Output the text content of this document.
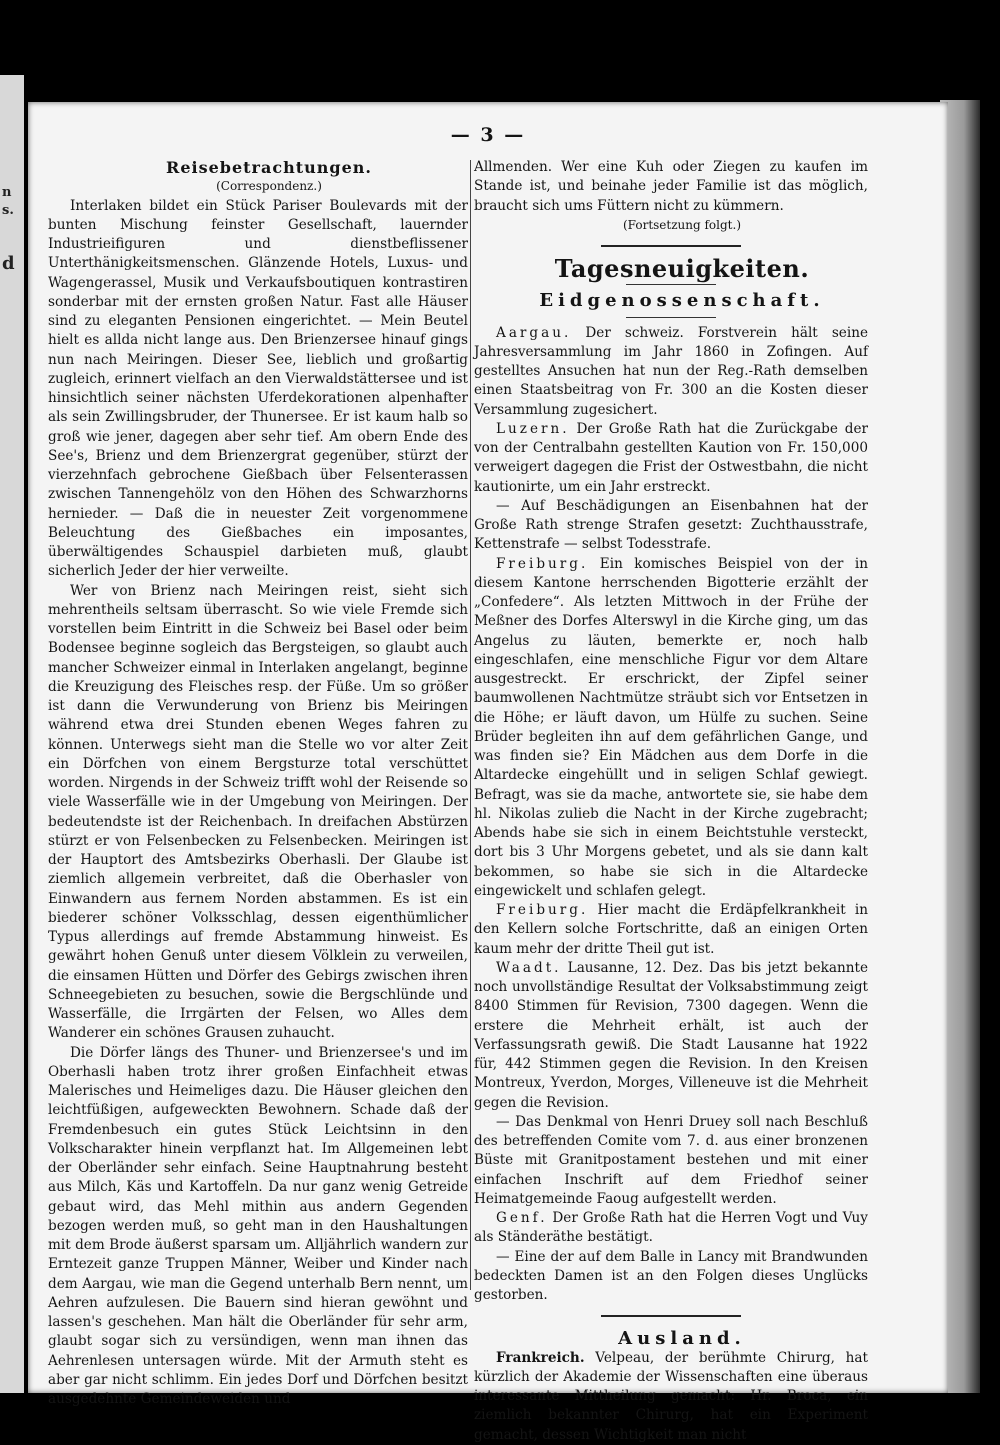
n
s.
d
— 3 —

Reisebetrachtungen.

(Correspondenz.)

Interlaken bildet ein Stück Pariser Boulevards mit der bunten Mischung feinster Gesellschaft, lauernder Industrieifiguren und dienstbeflissener Unterthänigkeitsmenschen. Glänzende Hotels, Luxus- und Wagengerassel, Musik und Verkaufsboutiquen kontrastiren sonderbar mit der ernsten großen Natur. Fast alle Häuser sind zu eleganten Pensionen eingerichtet. — Mein Beutel hielt es allda nicht lange aus. Den Brienzersee hinauf gings nun nach Meiringen. Dieser See, lieblich und großartig zugleich, erinnert vielfach an den Vierwaldstättersee und ist hinsichtlich seiner nächsten Uferdekorationen alpenhafter als sein Zwillingsbruder, der Thunersee. Er ist kaum halb so groß wie jener, dagegen aber sehr tief. Am obern Ende des See's, Brienz und dem Brienzergrat gegenüber, stürzt der vierzehnfach gebrochene Gießbach über Felsenterassen zwischen Tannengehölz von den Höhen des Schwarzhorns hernieder. — Daß die in neuester Zeit vorgenommene Beleuchtung des Gießbaches ein imposantes, überwältigendes Schauspiel darbieten muß, glaubt sicherlich Jeder der hier verweilte.

Wer von Brienz nach Meiringen reist, sieht sich mehrentheils seltsam überrascht. So wie viele Fremde sich vorstellen beim Eintritt in die Schweiz bei Basel oder beim Bodensee beginne sogleich das Bergsteigen, so glaubt auch mancher Schweizer einmal in Interlaken angelangt, beginne die Kreuzigung des Fleisches resp. der Füße. Um so größer ist dann die Verwunderung von Brienz bis Meiringen während etwa drei Stunden ebenen Weges fahren zu können. Unterwegs sieht man die Stelle wo vor alter Zeit ein Dörfchen von einem Bergsturze total verschüttet worden. Nirgends in der Schweiz trifft wohl der Reisende so viele Wasserfälle wie in der Umgebung von Meiringen. Der bedeutendste ist der Reichenbach. In dreifachen Abstürzen stürzt er von Felsenbecken zu Felsenbecken. Meiringen ist der Hauptort des Amtsbezirks Oberhasli. Der Glaube ist ziemlich allgemein verbreitet, daß die Oberhasler von Einwandern aus fernem Norden abstammen. Es ist ein biederer schöner Volksschlag, dessen eigenthümlicher Typus allerdings auf fremde Abstammung hinweist. Es gewährt hohen Genuß unter diesem Völklein zu verweilen, die einsamen Hütten und Dörfer des Gebirgs zwischen ihren Schneegebieten zu besuchen, sowie die Bergschlünde und Wasserfälle, die Irrgärten der Felsen, wo Alles dem Wanderer ein schönes Grausen zuhaucht.

Die Dörfer längs des Thuner- und Brienzersee's und im Oberhasli haben trotz ihrer großen Einfachheit etwas Malerisches und Heimeliges dazu. Die Häuser gleichen den leichtfüßigen, aufgeweckten Bewohnern. Schade daß der Fremdenbesuch ein gutes Stück Leichtsinn in den Volkscharakter hinein verpflanzt hat. Im Allgemeinen lebt der Oberländer sehr einfach. Seine Hauptnahrung besteht aus Milch, Käs und Kartoffeln. Da nur ganz wenig Getreide gebaut wird, das Mehl mithin aus andern Gegenden bezogen werden muß, so geht man in den Haushaltungen mit dem Brode äußerst sparsam um. Alljährlich wandern zur Erntezeit ganze Truppen Männer, Weiber und Kinder nach dem Aargau, wie man die Gegend unterhalb Bern nennt, um Aehren aufzulesen. Die Bauern sind hieran gewöhnt und lassen's geschehen. Man hält die Oberländer für sehr arm, glaubt sogar sich zu versündigen, wenn man ihnen das Aehrenlesen untersagen würde. Mit der Armuth steht es aber gar nicht schlimm. Ein jedes Dorf und Dörfchen besitzt ausgedehnte Gemeindeweiden und

Allmenden. Wer eine Kuh oder Ziegen zu kaufen im Stande ist, und beinahe jeder Familie ist das möglich, braucht sich ums Füttern nicht zu kümmern.

(Fortsetzung folgt.)

Tagesneuigkeiten.

Eidgenossenschaft.

Aargau. Der schweiz. Forstverein hält seine Jahresversammlung im Jahr 1860 in Zofingen. Auf gestelltes Ansuchen hat nun der Reg.-Rath demselben einen Staatsbeitrag von Fr. 300 an die Kosten dieser Versammlung zugesichert.

Luzern. Der Große Rath hat die Zurückgabe der von der Centralbahn gestellten Kaution von Fr. 150,000 verweigert dagegen die Frist der Ostwestbahn, die nicht kautionirte, um ein Jahr erstreckt.

— Auf Beschädigungen an Eisenbahnen hat der Große Rath strenge Strafen gesetzt: Zuchthausstrafe, Kettenstrafe — selbst Todesstrafe.

Freiburg. Ein komisches Beispiel von der in diesem Kantone herrschenden Bigotterie erzählt der „Confedere“. Als letzten Mittwoch in der Frühe der Meßner des Dorfes Alterswyl in die Kirche ging, um das Angelus zu läuten, bemerkte er, noch halb eingeschlafen, eine menschliche Figur vor dem Altare ausgestreckt. Er erschrickt, der Zipfel seiner baumwollenen Nachtmütze sträubt sich vor Entsetzen in die Höhe; er läuft davon, um Hülfe zu suchen. Seine Brüder begleiten ihn auf dem gefährlichen Gange, und was finden sie? Ein Mädchen aus dem Dorfe in die Altardecke eingehüllt und in seligen Schlaf gewiegt. Befragt, was sie da mache, antwortete sie, sie habe dem hl. Nikolas zulieb die Nacht in der Kirche zugebracht; Abends habe sie sich in einem Beichtstuhle versteckt, dort bis 3 Uhr Morgens gebetet, und als sie dann kalt bekommen, so habe sie sich in die Altardecke eingewickelt und schlafen gelegt.

Freiburg. Hier macht die Erdäpfelkrankheit in den Kellern solche Fortschritte, daß an einigen Orten kaum mehr der dritte Theil gut ist.

Waadt. Lausanne, 12. Dez. Das bis jetzt bekannte noch unvollständige Resultat der Volksabstimmung zeigt 8400 Stimmen für Revision, 7300 dagegen. Wenn die erstere die Mehrheit erhält, ist auch der Verfassungsrath gewiß. Die Stadt Lausanne hat 1922 für, 442 Stimmen gegen die Revision. In den Kreisen Montreux, Yverdon, Morges, Villeneuve ist die Mehrheit gegen die Revision.

— Das Denkmal von Henri Druey soll nach Beschluß des betreffenden Comite vom 7. d. aus einer bronzenen Büste mit Granitpostament bestehen und mit einer einfachen Inschrift auf dem Friedhof seiner Heimatgemeinde Faoug aufgestellt werden.

Genf. Der Große Rath hat die Herren Vogt und Vuy als Ständeräthe bestätigt.

— Eine der auf dem Balle in Lancy mit Brandwunden bedeckten Damen ist an den Folgen dieses Unglücks gestorben.

Ausland.

Frankreich. Velpeau, der berühmte Chirurg, hat kürzlich der Akademie der Wissenschaften eine überaus interessante Mittheilung gemacht: Hr. Broca, ein ziemlich bekannter Chirurg, hat ein Experiment gemacht, dessen Wichtigkeit man nicht
